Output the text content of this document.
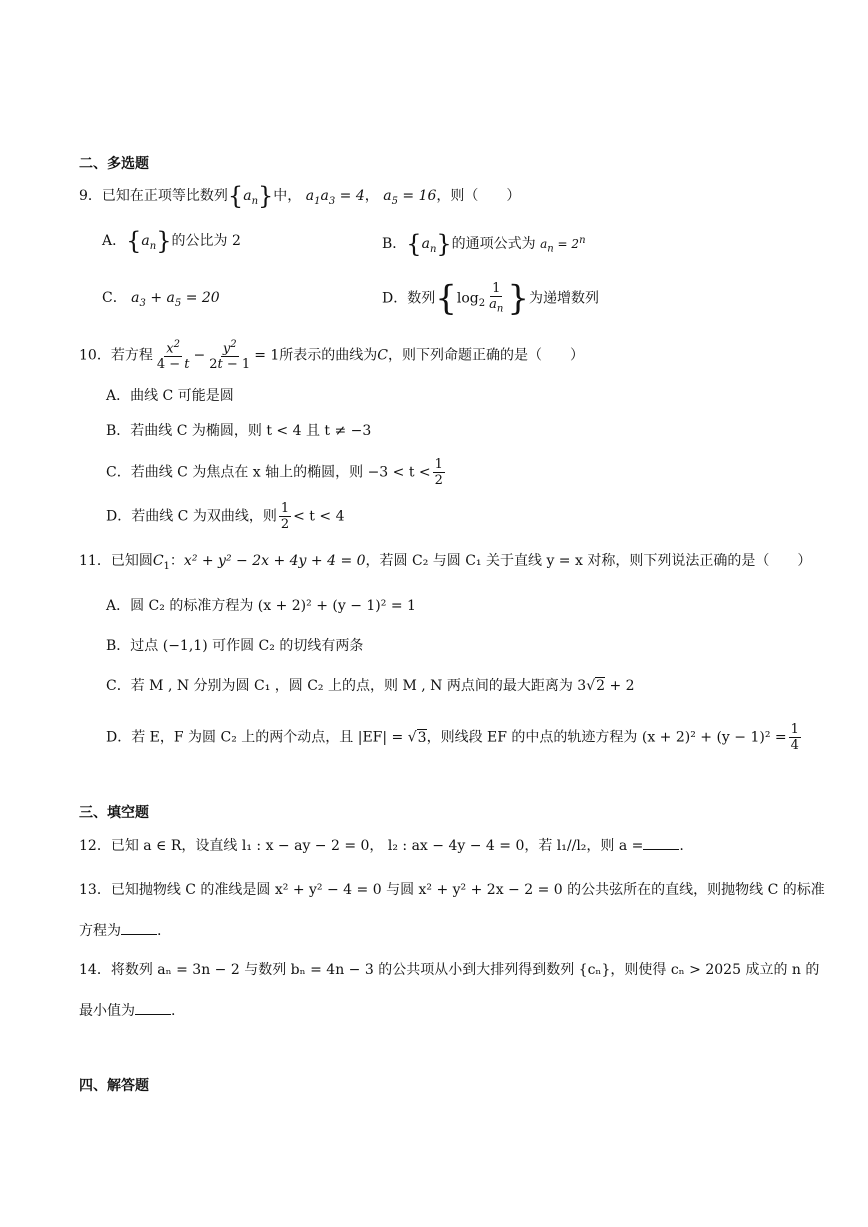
二、多选题
9．已知在正项等比数列$\{a_n\}$中， $a_1a_3 = 4$， $a_5 = 16$，则（　　）
A．$\{a_n\}$的公比为 2	B．$\{a_n\}$的通项公式为 $a_n = 2^n$
C． $a_3 + a_5 = 20$	D．数列{$\log_2 \frac{1}{a_n}$ }为递增数列
10．若方程 $\frac{x^2}{4 - t} - \frac{y^2}{2t - 1} = 1$所表示的曲线为C，则下列命题正确的是（　　）
A．曲线 C 可能是圆
B．若曲线 C 为椭圆，则 t < 4 且 t ≠ −3
C．若曲线 C 为焦点在 x 轴上的椭圆，则 $-3 < t < \frac{1}{2}$
D．若曲线 C 为双曲线，则 $\frac{1}{2} < t < 4$
11．已知圆$C_1$：x² + y² − 2x + 4y + 4 = 0，若圆 C₂ 与圆 C₁ 关于直线 y = x 对称，则下列说法正确的是（　　）
A．圆 C₂ 的标准方程为 (x + 2)² + (y − 1)² = 1
B．过点 (−1,1) 可作圆 C₂ 的切线有两条
C．若 M , N 分别为圆 C₁ ，圆 C₂ 上的点，则 M , N 两点间的最大距离为 3√2 + 2
D．若 E，F 为圆 C₂ 上的两个动点，且 |EF| = √3，则线段 EF 的中点的轨迹方程为 $(x + 2)^2 + (y - 1)^2 = \frac{1}{4}$
三、填空题
12．已知 a ∈ R，设直线 l₁ : x − ay − 2 = 0， l₂ : ax − 4y − 4 = 0，若 l₁//l₂，则 a =	.
13．已知抛物线 C 的准线是圆 x² + y² − 4 = 0 与圆 x² + y² + 2x − 2 = 0 的公共弦所在的直线，则抛物线 C 的标准
方程为	.
14．将数列 aₙ = 3n − 2 与数列 bₙ = 4n − 3 的公共项从小到大排列得到数列 {cₙ}，则使得 cₙ > 2025 成立的 n 的
最小值为	.
四、解答题
